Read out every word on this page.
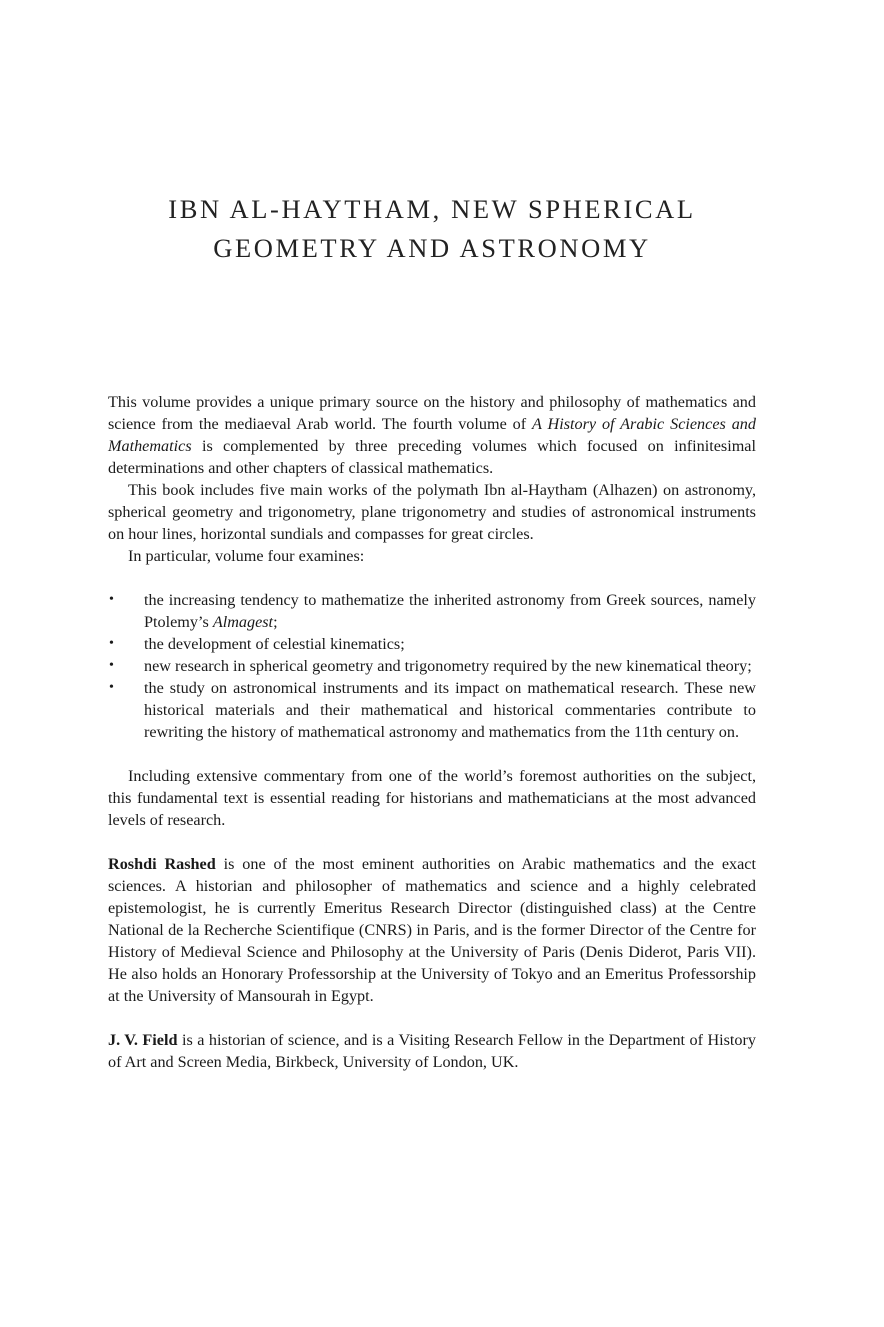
IBN AL-HAYTHAM, NEW SPHERICAL
GEOMETRY AND ASTRONOMY

This volume provides a unique primary source on the history and philosophy of mathematics and science from the mediaeval Arab world. The fourth volume of A History of Arabic Sciences and Mathematics is complemented by three preceding volumes which focused on infinitesimal determinations and other chapters of classical mathematics.

This book includes five main works of the polymath Ibn al-Haytham (Alhazen) on astronomy, spherical geometry and trigonometry, plane trigonometry and studies of astronomical instruments on hour lines, horizontal sundials and compasses for great circles.

In particular, volume four examines:

• the increasing tendency to mathematize the inherited astronomy from Greek sources, namely Ptolemy’s Almagest;
• the development of celestial kinematics;
• new research in spherical geometry and trigonometry required by the new kinematical theory;
• the study on astronomical instruments and its impact on mathematical research. These new historical materials and their mathematical and historical commentaries contribute to rewriting the history of mathematical astronomy and mathematics from the 11th century on.

Including extensive commentary from one of the world’s foremost authorities on the subject, this fundamental text is essential reading for historians and mathematicians at the most advanced levels of research.

Roshdi Rashed is one of the most eminent authorities on Arabic mathematics and the exact sciences. A historian and philosopher of mathematics and science and a highly celebrated epistemologist, he is currently Emeritus Research Director (distinguished class) at the Centre National de la Recherche Scientifique (CNRS) in Paris, and is the former Director of the Centre for History of Medieval Science and Philosophy at the University of Paris (Denis Diderot, Paris VII). He also holds an Honorary Professorship at the University of Tokyo and an Emeritus Professorship at the University of Mansourah in Egypt.

J. V. Field is a historian of science, and is a Visiting Research Fellow in the Department of History of Art and Screen Media, Birkbeck, University of London, UK.
